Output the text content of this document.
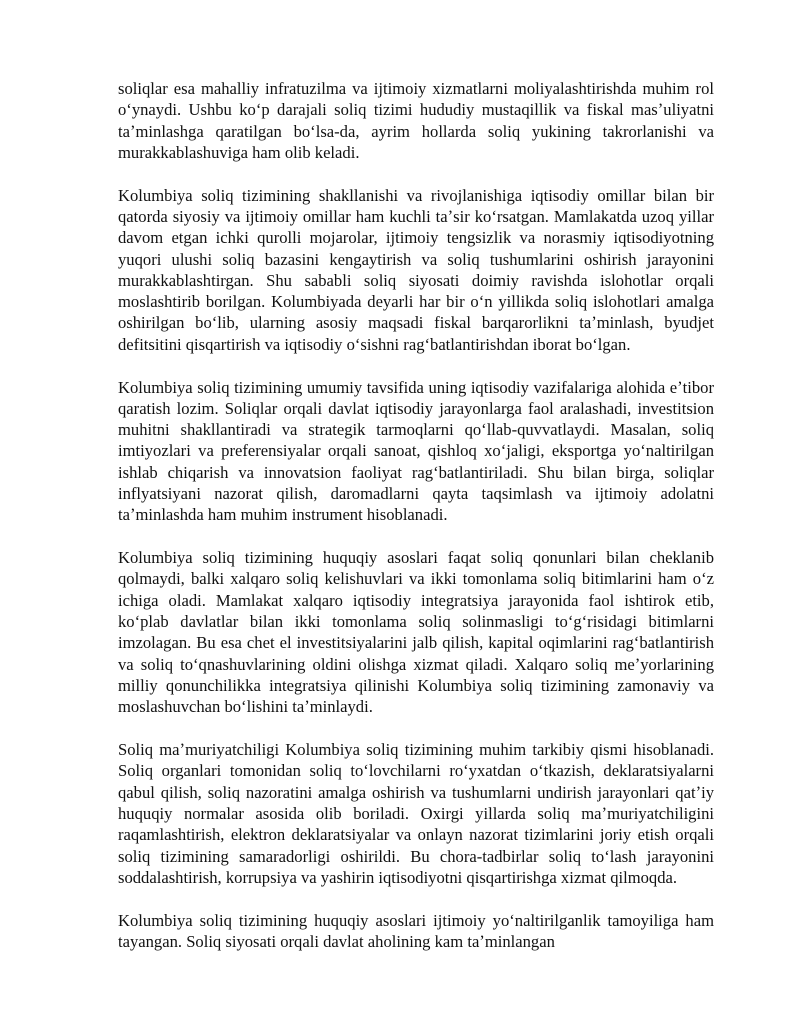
soliqlar esa mahalliy infratuzilma va ijtimoiy xizmatlarni moliyalashtirishda muhim rol oʻynaydi. Ushbu koʻp darajali soliq tizimi hududiy mustaqillik va fiskal masʼuliyatni taʼminlashga qaratilgan boʻlsa-da, ayrim hollarda soliq yukining takrorlanishi va murakkablashuviga ham olib keladi.

Kolumbiya soliq tizimining shakllanishi va rivojlanishiga iqtisodiy omillar bilan bir qatorda siyosiy va ijtimoiy omillar ham kuchli taʼsir koʻrsatgan. Mamlakatda uzoq yillar davom etgan ichki qurolli mojarolar, ijtimoiy tengsizlik va norasmiy iqtisodiyotning yuqori ulushi soliq bazasini kengaytirish va soliq tushumlarini oshirish jarayonini murakkablashtirgan. Shu sababli soliq siyosati doimiy ravishda islohotlar orqali moslashtirib borilgan. Kolumbiyada deyarli har bir oʻn yillikda soliq islohotlari amalga oshirilgan boʻlib, ularning asosiy maqsadi fiskal barqarorlikni taʼminlash, byudjet defitsitini qisqartirish va iqtisodiy oʻsishni ragʻbatlantirishdan iborat boʻlgan.

Kolumbiya soliq tizimining umumiy tavsifida uning iqtisodiy vazifalariga alohida eʼtibor qaratish lozim. Soliqlar orqali davlat iqtisodiy jarayonlarga faol aralashadi, investitsion muhitni shakllantiradi va strategik tarmoqlarni qoʻllab-quvvatlaydi. Masalan, soliq imtiyozlari va preferensiyalar orqali sanoat, qishloq xoʻjaligi, eksportga yoʻnaltirilgan ishlab chiqarish va innovatsion faoliyat ragʻbatlantiriladi. Shu bilan birga, soliqlar inflyatsiyani nazorat qilish, daromadlarni qayta taqsimlash va ijtimoiy adolatni taʼminlashda ham muhim instrument hisoblanadi.

Kolumbiya soliq tizimining huquqiy asoslari faqat soliq qonunlari bilan cheklanib qolmaydi, balki xalqaro soliq kelishuvlari va ikki tomonlama soliq bitimlarini ham oʻz ichiga oladi. Mamlakat xalqaro iqtisodiy integratsiya jarayonida faol ishtirok etib, koʻplab davlatlar bilan ikki tomonlama soliq solinmasligi toʻgʻrisidagi bitimlarni imzolagan. Bu esa chet el investitsiyalarini jalb qilish, kapital oqimlarini ragʻbatlantirish va soliq toʻqnashuvlarining oldini olishga xizmat qiladi. Xalqaro soliq meʼyorlarining milliy qonunchilikka integratsiya qilinishi Kolumbiya soliq tizimining zamonaviy va moslashuvchan boʻlishini taʼminlaydi.

Soliq maʼmuriyatchiligi Kolumbiya soliq tizimining muhim tarkibiy qismi hisoblanadi. Soliq organlari tomonidan soliq toʻlovchilarni roʻyxatdan oʻtkazish, deklaratsiyalarni qabul qilish, soliq nazoratini amalga oshirish va tushumlarni undirish jarayonlari qatʼiy huquqiy normalar asosida olib boriladi. Oxirgi yillarda soliq maʼmuriyatchiligini raqamlashtirish, elektron deklaratsiyalar va onlayn nazorat tizimlarini joriy etish orqali soliq tizimining samaradorligi oshirildi. Bu chora-tadbirlar soliq toʻlash jarayonini soddalashtirish, korrupsiya va yashirin iqtisodiyotni qisqartirishga xizmat qilmoqda.

Kolumbiya soliq tizimining huquqiy asoslari ijtimoiy yoʻnaltirilganlik tamoyiliga ham tayangan. Soliq siyosati orqali davlat aholining kam taʼminlangan
